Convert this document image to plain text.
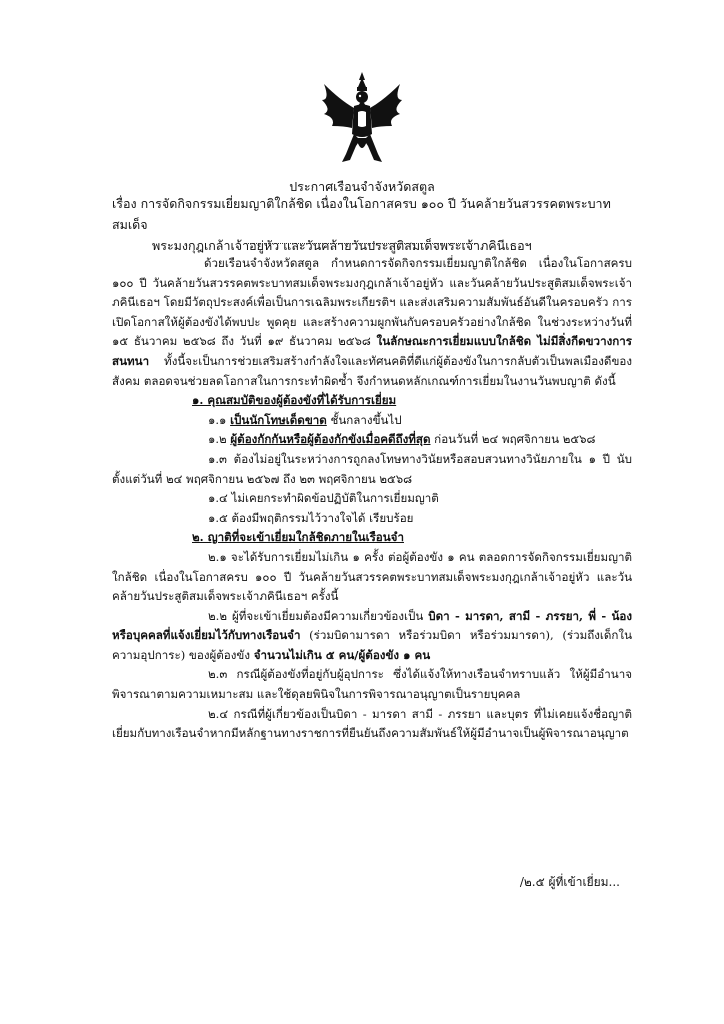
ประกาศเรือนจำจังหวัดสตูล
เรื่อง การจัดกิจกรรมเยี่ยมญาติใกล้ชิด เนื่องในโอกาสครบ ๑๐๐ ปี วันคล้ายวันสวรรคตพระบาทสมเด็จ
พระมงกุฎเกล้าเจ้าอยู่หัว และวันคล้ายวันประสูติสมเด็จพระเจ้าภคินีเธอฯ

ด้วยเรือนจำจังหวัดสตูล กำหนดการจัดกิจกรรมเยี่ยมญาติใกล้ชิด เนื่องในโอกาสครบ ๑๐๐ ปี วันคล้ายวันสวรรคตพระบาทสมเด็จพระมงกุฎเกล้าเจ้าอยู่หัว และวันคล้ายวันประสูติสมเด็จพระเจ้าภคินีเธอฯ โดยมีวัตถุประสงค์เพื่อเป็นการเฉลิมพระเกียรติฯ และส่งเสริมความสัมพันธ์อันดีในครอบครัว การเปิดโอกาสให้ผู้ต้องขังได้พบปะ พูดคุย และสร้างความผูกพันกับครอบครัวอย่างใกล้ชิด ในช่วงระหว่างวันที่ ๑๕ ธันวาคม ๒๕๖๘ ถึง วันที่ ๑๙ ธันวาคม ๒๕๖๘ ในลักษณะการเยี่ยมแบบใกล้ชิด ไม่มีสิ่งกีดขวางการสนทนา ทั้งนี้จะเป็นการช่วยเสริมสร้างกำลังใจและทัศนคติที่ดีแก่ผู้ต้องขังในการกลับตัวเป็นพลเมืองดีของสังคม ตลอดจนช่วยลดโอกาสในการกระทำผิดซ้ำ จึงกำหนดหลักเกณฑ์การเยี่ยมในงานวันพบญาติ ดังนี้

๑. คุณสมบัติของผู้ต้องขังที่ได้รับการเยี่ยม

๑.๑ เป็นนักโทษเด็ดขาด ชั้นกลางขึ้นไป

๑.๒ ผู้ต้องกักกันหรือผู้ต้องกักขังเมื่อคดีถึงที่สุด ก่อนวันที่ ๒๔ พฤศจิกายน ๒๕๖๘

๑.๓ ต้องไม่อยู่ในระหว่างการถูกลงโทษทางวินัยหรือสอบสวนทางวินัยภายใน ๑ ปี นับตั้งแต่วันที่ ๒๔ พฤศจิกายน ๒๕๖๗ ถึง ๒๓ พฤศจิกายน ๒๕๖๘

๑.๔ ไม่เคยกระทำผิดข้อปฏิบัติในการเยี่ยมญาติ

๑.๕ ต้องมีพฤติกรรมไว้วางใจได้ เรียบร้อย

๒. ญาติที่จะเข้าเยี่ยมใกล้ชิดภายในเรือนจำ

๒.๑ จะได้รับการเยี่ยมไม่เกิน ๑ ครั้ง ต่อผู้ต้องขัง ๑ คน ตลอดการจัดกิจกรรมเยี่ยมญาติใกล้ชิด เนื่องในโอกาสครบ ๑๐๐ ปี วันคล้ายวันสวรรคตพระบาทสมเด็จพระมงกุฎเกล้าเจ้าอยู่หัว และวันคล้ายวันประสูติสมเด็จพระเจ้าภคินีเธอฯ ครั้งนี้

๒.๒ ผู้ที่จะเข้าเยี่ยมต้องมีความเกี่ยวข้องเป็น บิดา - มารดา, สามี - ภรรยา, พี่ - น้อง หรือบุคคลที่แจ้งเยี่ยมไว้กับทางเรือนจำ (ร่วมบิดามารดา หรือร่วมบิดา หรือร่วมมารดา), (ร่วมถึงเด็กในความอุปการะ) ของผู้ต้องขัง จำนวนไม่เกิน ๕ คน/ผู้ต้องขัง ๑ คน

๒.๓ กรณีผู้ต้องขังที่อยู่กับผู้อุปการะ ซึ่งได้แจ้งให้ทางเรือนจำทราบแล้ว ให้ผู้มีอำนาจพิจารณาตามความเหมาะสม และใช้ดุลยพินิจในการพิจารณาอนุญาตเป็นรายบุคคล

๒.๔ กรณีที่ผู้เกี่ยวข้องเป็นบิดา - มารดา สามี - ภรรยา และบุตร ที่ไม่เคยแจ้งชื่อญาติเยี่ยมกับทางเรือนจำหากมีหลักฐานทางราชการที่ยืนยันถึงความสัมพันธ์ให้ผู้มีอำนาจเป็นผู้พิจารณาอนุญาต

/๒.๕ ผู้ที่เข้าเยี่ยม...
